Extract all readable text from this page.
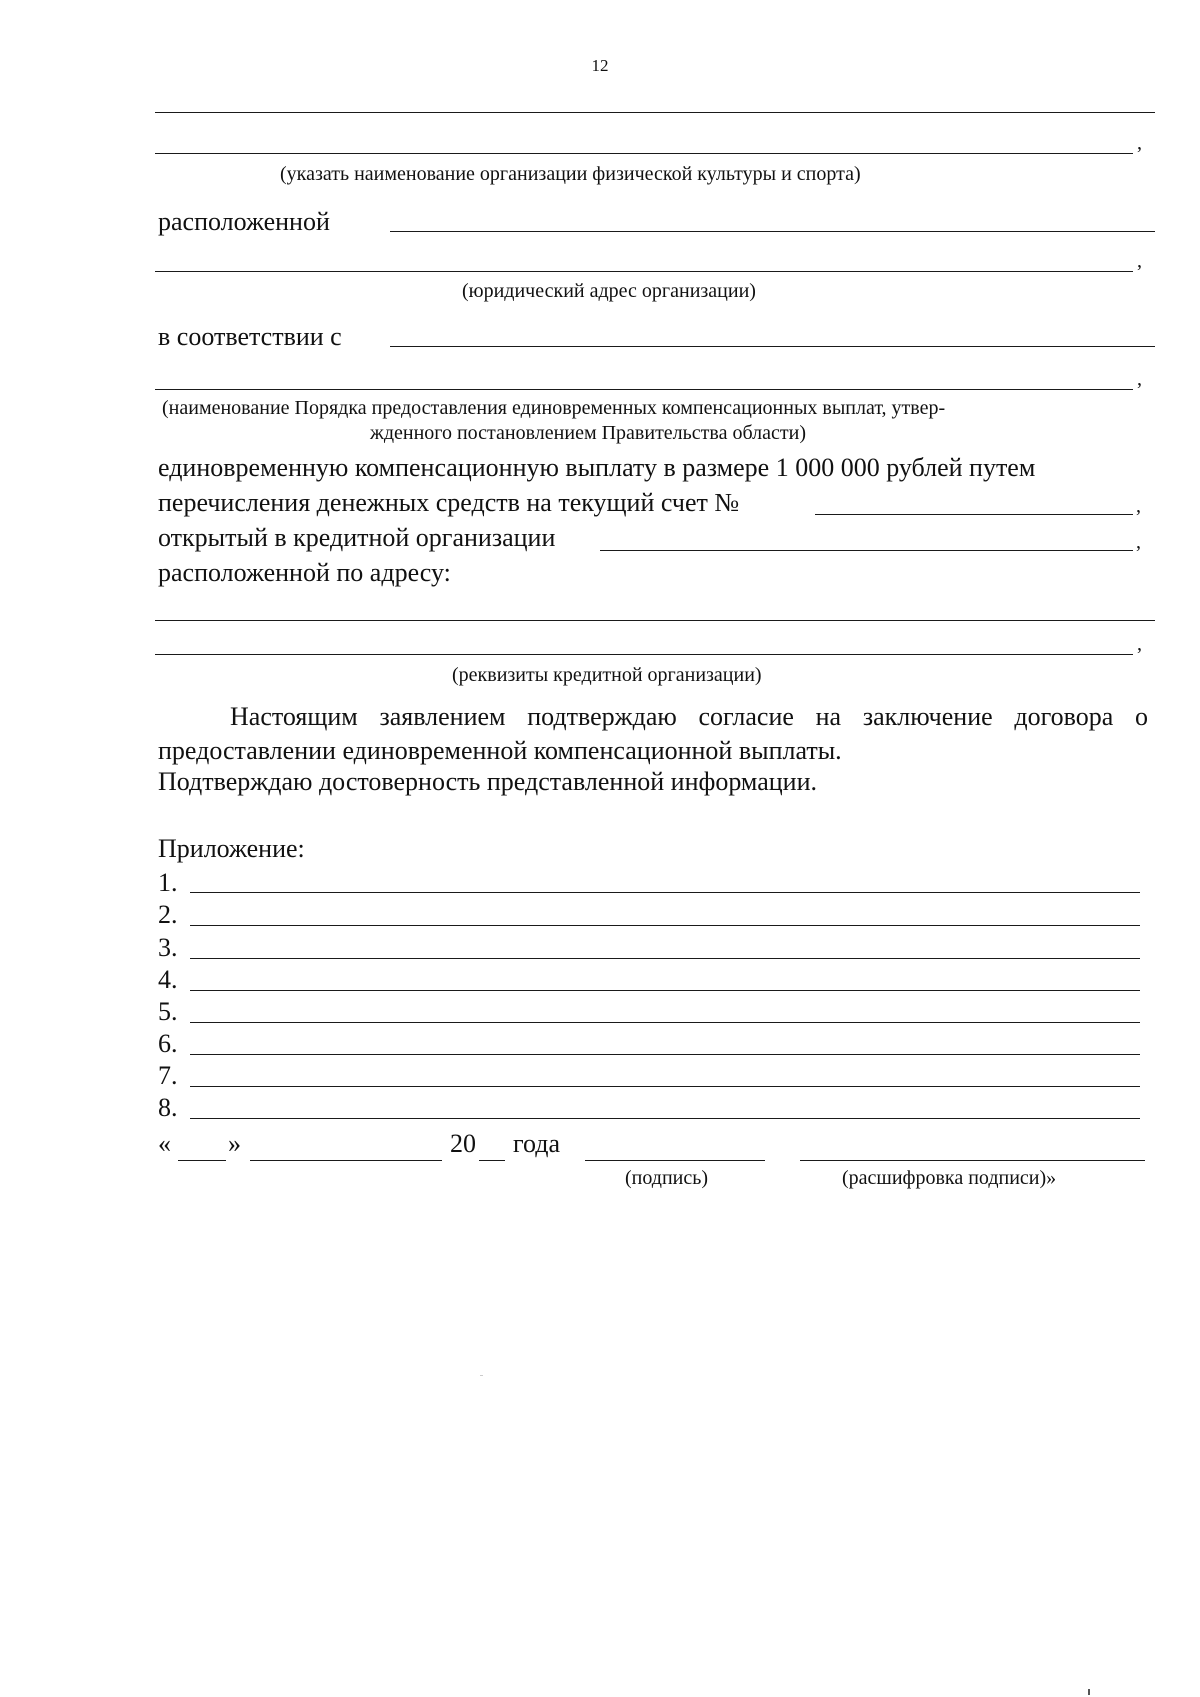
12
,
(указать наименование организации физической культуры и спорта)
расположенной
,
(юридический адрес организации)
в соответствии с
,
(наименование Порядка предоставления единовременных компенсационных выплат, утвер-
жденного постановлением Правительства области)
единовременную компенсационную выплату в размере 1 000 000 рублей путем
перечисления денежных средств на текущий счет №	,
открытый в кредитной организации	,
расположенной по адресу:
,
(реквизиты кредитной организации)
Настоящим заявлением подтверждаю согласие на заключение договора о предоставлении единовременной компенсационной выплаты.
Подтверждаю достоверность представленной информации.
Приложение:
1.
2.
3.
4.
5.
6.
7.
8.
« »	20 года
(подпись)	(расшифровка подписи)»
